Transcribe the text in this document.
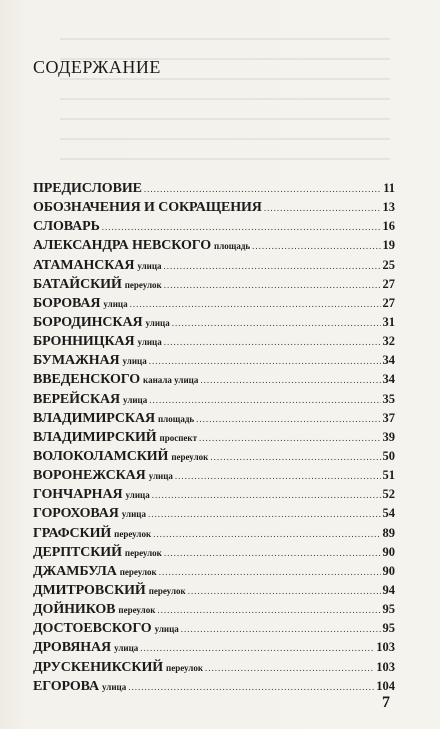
СОДЕРЖАНИЕ
ПРЕДИСЛОВИЕ .....	11
ОБОЗНАЧЕНИЯ И СОКРАЩЕНИЯ .....	13
СЛОВАРЬ .....	16
АЛЕКСАНДРА НЕВСКОГО площадь .....	19
АТАМАНСКАЯ улица .....	25
БАТАЙСКИЙ переулок .....	27
БОРОВАЯ улица .....	27
БОРОДИНСКАЯ улица .....	31
БРОННИЦКАЯ улица .....	32
БУМАЖНАЯ улица .....	34
ВВЕДЕНСКОГО канала улица .....	34
ВЕРЕЙСКАЯ улица .....	35
ВЛАДИМИРСКАЯ площадь .....	37
ВЛАДИМИРСКИЙ проспект .....	39
ВОЛОКОЛАМСКИЙ переулок .....	50
ВОРОНЕЖСКАЯ улица .....	51
ГОНЧАРНАЯ улица .....	52
ГОРОХОВАЯ улица .....	54
ГРАФСКИЙ переулок .....	89
ДЕРПТСКИЙ переулок .....	90
ДЖАМБУЛА переулок .....	90
ДМИТРОВСКИЙ переулок .....	94
ДОЙНИКОВ переулок .....	95
ДОСТОЕВСКОГО улица .....	95
ДРОВЯНАЯ улица .....	103
ДРУСКЕНИКСКИЙ переулок .....	103
ЕГОРОВА улица .....	104
7
